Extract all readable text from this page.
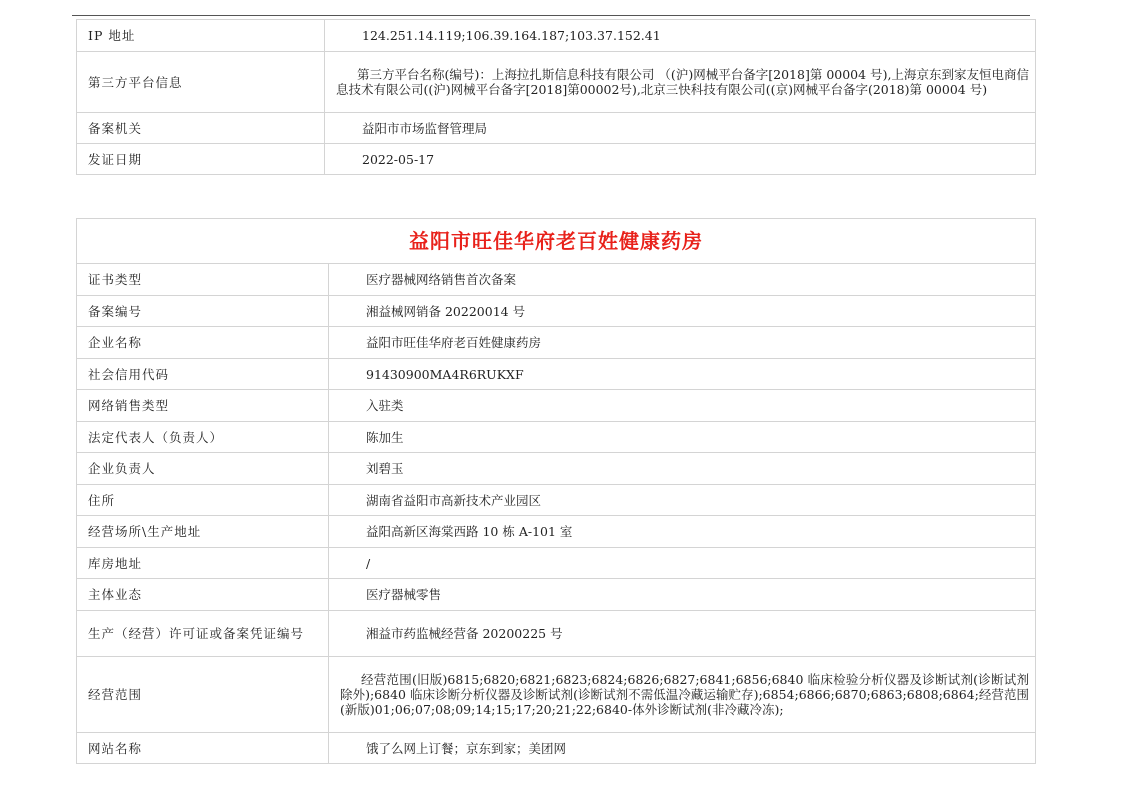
IP 地址	124.251.14.119;106.39.164.187;103.37.152.41
第三方平台信息	第三方平台名称(编号)：上海拉扎斯信息科技有限公司 （(沪)网械平台备字[2018]第 00004 号),上海京东到家友恒电商信息技术有限公司((沪)网械平台备字[2018]第00002号),北京三快科技有限公司((京)网械平台备字(2018)第 00004 号)

备案机关	益阳市市场监督管理局
发证日期	2022-05-17
益阳市旺佳华府老百姓健康药房	
证书类型	医疗器械网络销售首次备案
备案编号	湘益械网销备 20220014 号
企业名称	益阳市旺佳华府老百姓健康药房
社会信用代码	91430900MA4R6RUKXF
网络销售类型	入驻类
法定代表人（负责人）	陈加生
企业负责人	刘碧玉
住所	湖南省益阳市高新技术产业园区
经营场所\生产地址	益阳高新区海棠西路 10 栋 A-101 室
库房地址	/
主体业态	医疗器械零售
生产（经营）许可证或备案凭证编号	湘益市药监械经营备 20200225 号
经营范围	经营范围(旧版)6815;6820;6821;6823;6824;6826;6827;6841;6856;6840 临床检验分析仪器及诊断试剂(诊断试剂除外);6840 临床诊断分析仪器及诊断试剂(诊断试剂不需低温冷藏运输贮存);6854;6866;6870;6863;6808;6864;经营范围(新版)01;06;07;08;09;14;15;17;20;21;22;6840-体外诊断试剂(非冷藏冷冻);

网站名称	饿了么网上订餐；京东到家；美团网
